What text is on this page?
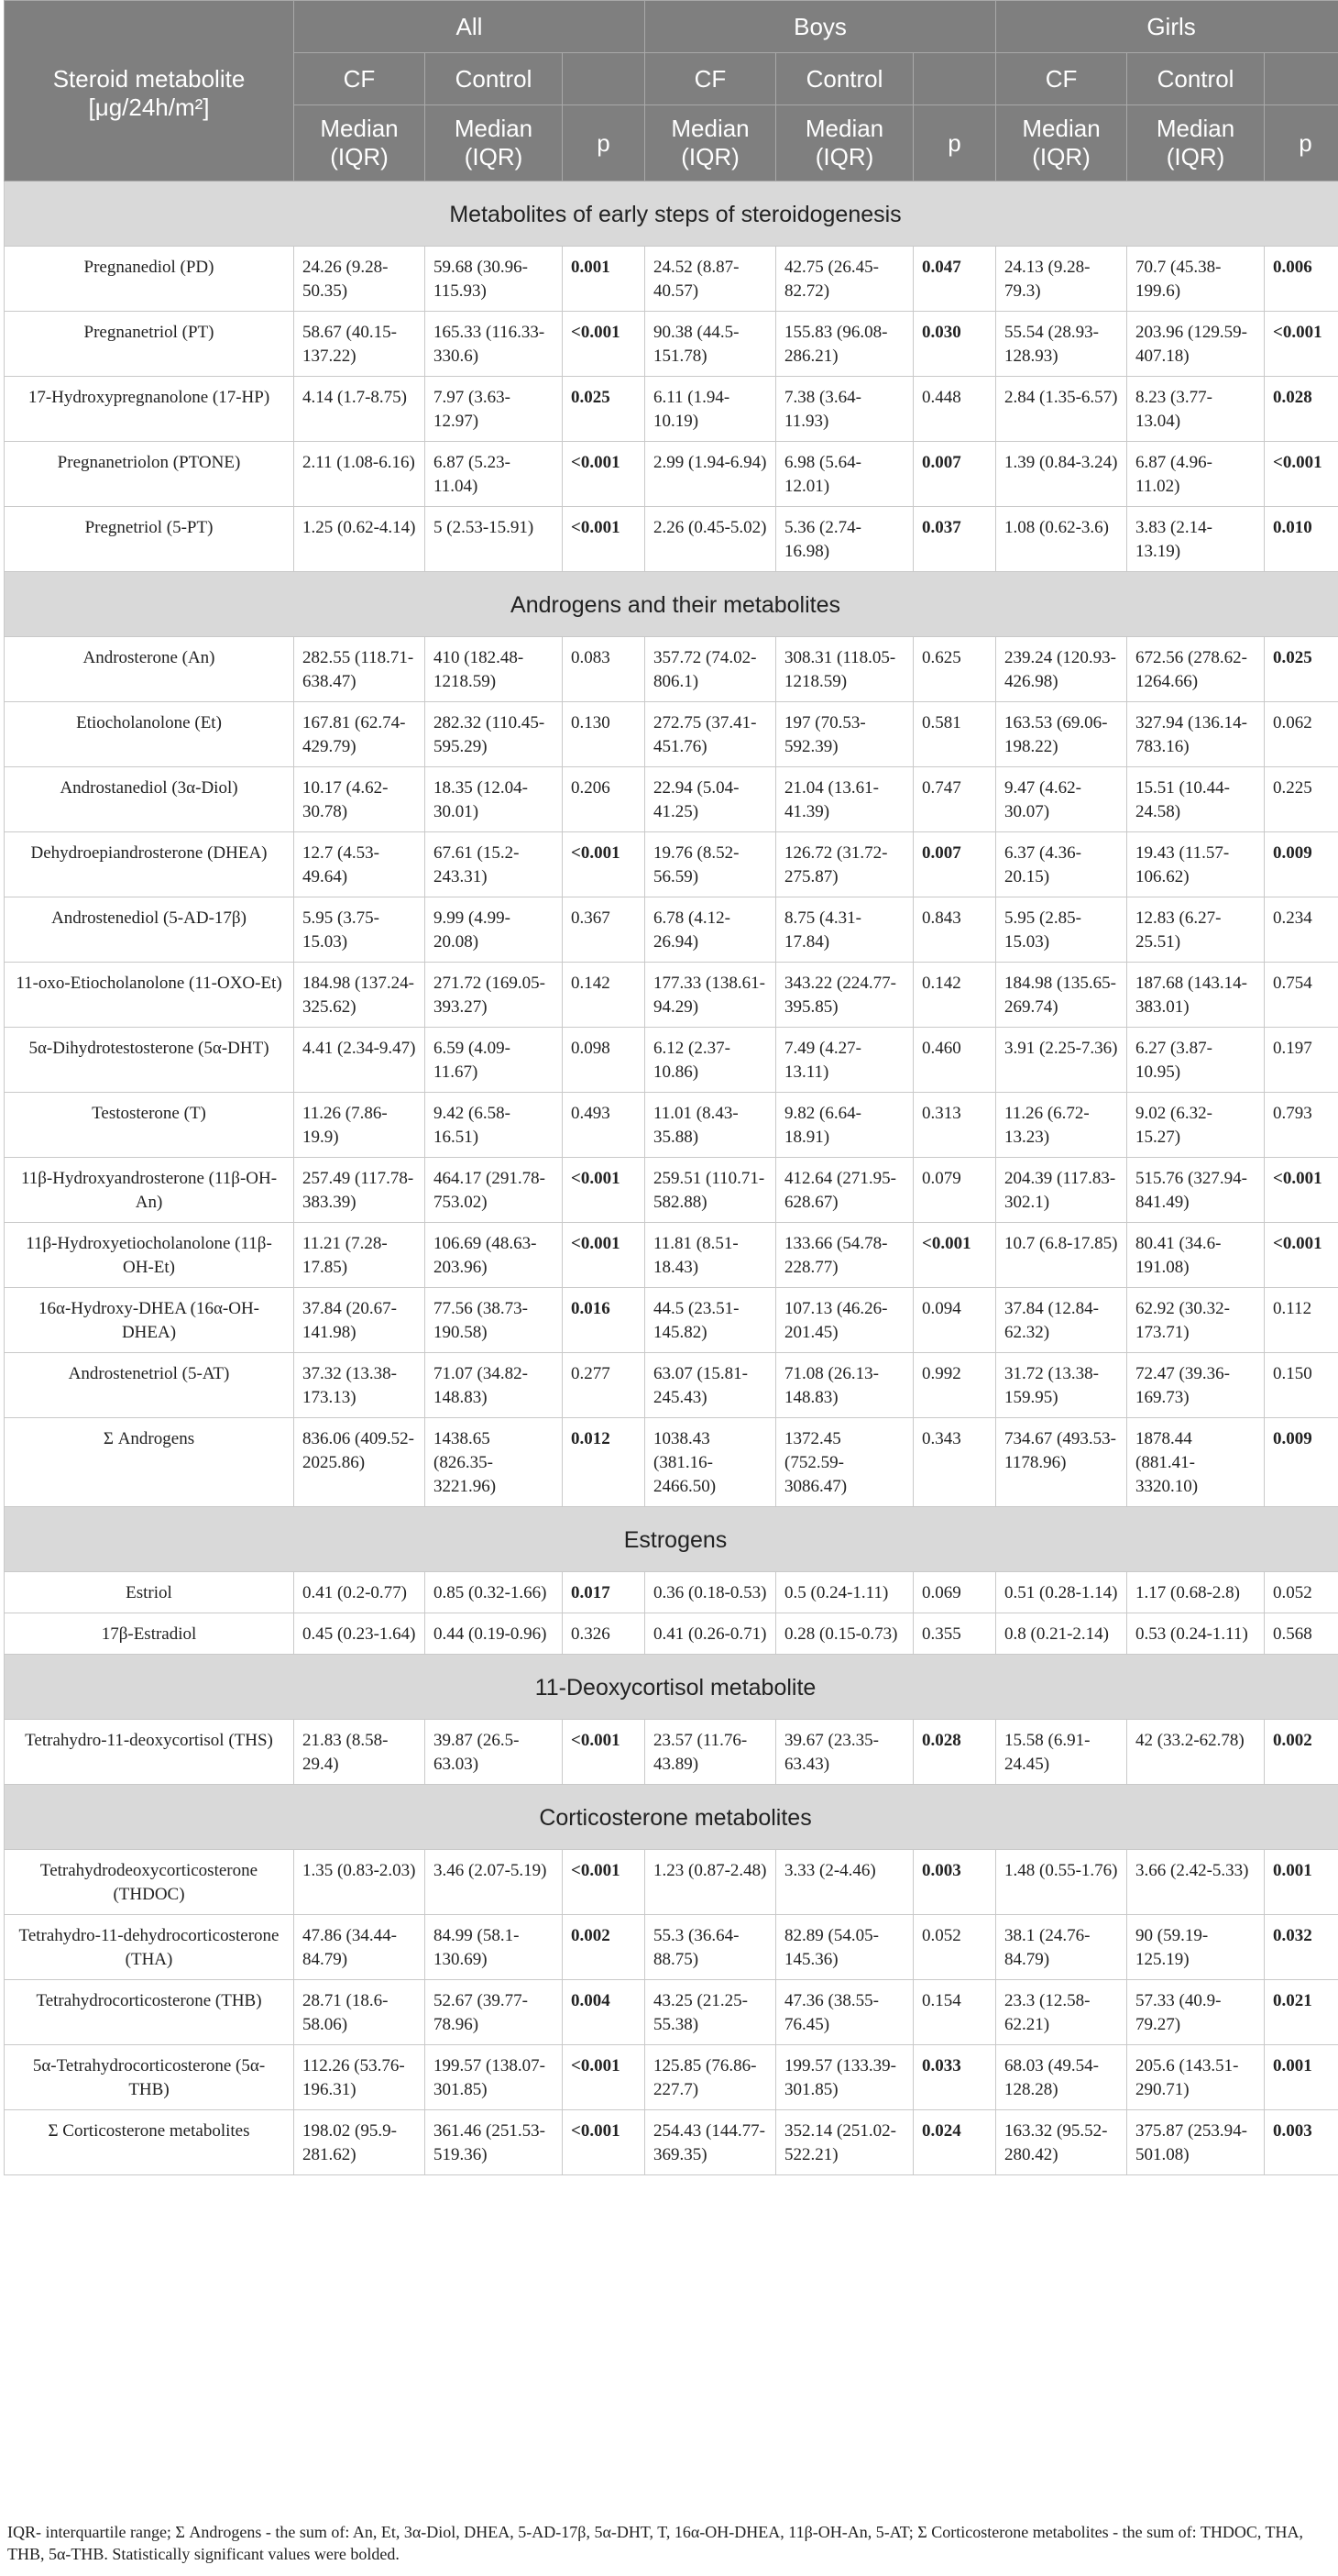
Steroid metabolite
[μg/24h/m²]	All			Boys			Girls		
	CF	Control		CF	Control		CF	Control	
	Median (IQR)	Median (IQR)	p	Median (IQR)	Median (IQR)	p	Median (IQR)	Median (IQR)	p
Metabolites of early steps of steroidogenesis									
Pregnanediol (PD)	24.26 (9.28-50.35)	59.68 (30.96-115.93)	0.001	24.52 (8.87-40.57)	42.75 (26.45-82.72)	0.047	24.13 (9.28-79.3)	70.7 (45.38-199.6)	0.006
Pregnanetriol (PT)	58.67 (40.15-137.22)	165.33 (116.33-330.6)	<0.001	90.38 (44.5-151.78)	155.83 (96.08-286.21)	0.030	55.54 (28.93-128.93)	203.96 (129.59-407.18)	<0.001
17-Hydroxypregnanolone (17-HP)	4.14 (1.7-8.75)	7.97 (3.63-12.97)	0.025	6.11 (1.94-10.19)	7.38 (3.64-11.93)	0.448	2.84 (1.35-6.57)	8.23 (3.77-13.04)	0.028
Pregnanetriolon (PTONE)	2.11 (1.08-6.16)	6.87 (5.23-11.04)	<0.001	2.99 (1.94-6.94)	6.98 (5.64-12.01)	0.007	1.39 (0.84-3.24)	6.87 (4.96-11.02)	<0.001
Pregnetriol (5-PT)	1.25 (0.62-4.14)	5 (2.53-15.91)	<0.001	2.26 (0.45-5.02)	5.36 (2.74-16.98)	0.037	1.08 (0.62-3.6)	3.83 (2.14-13.19)	0.010
Androgens and their metabolites									
Androsterone (An)	282.55 (118.71-638.47)	410 (182.48-1218.59)	0.083	357.72 (74.02-806.1)	308.31 (118.05-1218.59)	0.625	239.24 (120.93-426.98)	672.56 (278.62-1264.66)	0.025
Etiocholanolone (Et)	167.81 (62.74-429.79)	282.32 (110.45-595.29)	0.130	272.75 (37.41-451.76)	197 (70.53-592.39)	0.581	163.53 (69.06-198.22)	327.94 (136.14-783.16)	0.062
Androstanediol (3α-Diol)	10.17 (4.62-30.78)	18.35 (12.04-30.01)	0.206	22.94 (5.04-41.25)	21.04 (13.61-41.39)	0.747	9.47 (4.62-30.07)	15.51 (10.44-24.58)	0.225
Dehydroepiandrosterone (DHEA)	12.7 (4.53-49.64)	67.61 (15.2-243.31)	<0.001	19.76 (8.52-56.59)	126.72 (31.72-275.87)	0.007	6.37 (4.36-20.15)	19.43 (11.57-106.62)	0.009
Androstenediol (5-AD-17β)	5.95 (3.75-15.03)	9.99 (4.99-20.08)	0.367	6.78 (4.12-26.94)	8.75 (4.31-17.84)	0.843	5.95 (2.85-15.03)	12.83 (6.27-25.51)	0.234
11-oxo-Etiocholanolone (11-OXO-Et)	184.98 (137.24-325.62)	271.72 (169.05-393.27)	0.142	177.33 (138.61-94.29)	343.22 (224.77-395.85)	0.142	184.98 (135.65-269.74)	187.68 (143.14-383.01)	0.754
5α-Dihydrotestosterone (5α-DHT)	4.41 (2.34-9.47)	6.59 (4.09-11.67)	0.098	6.12 (2.37-10.86)	7.49 (4.27-13.11)	0.460	3.91 (2.25-7.36)	6.27 (3.87-10.95)	0.197
Testosterone (T)	11.26 (7.86-19.9)	9.42 (6.58-16.51)	0.493	11.01 (8.43-35.88)	9.82 (6.64-18.91)	0.313	11.26 (6.72-13.23)	9.02 (6.32-15.27)	0.793
11β-Hydroxyandrosterone (11β-OH-An)	257.49 (117.78-383.39)	464.17 (291.78-753.02)	<0.001	259.51 (110.71-582.88)	412.64 (271.95-628.67)	0.079	204.39 (117.83-302.1)	515.76 (327.94-841.49)	<0.001
11β-Hydroxyetiocholanolone (11β-OH-Et)	11.21 (7.28-17.85)	106.69 (48.63-203.96)	<0.001	11.81 (8.51-18.43)	133.66 (54.78-228.77)	<0.001	10.7 (6.8-17.85)	80.41 (34.6-191.08)	<0.001
16α-Hydroxy-DHEA (16α-OH-DHEA)	37.84 (20.67-141.98)	77.56 (38.73-190.58)	0.016	44.5 (23.51-145.82)	107.13 (46.26-201.45)	0.094	37.84 (12.84-62.32)	62.92 (30.32-173.71)	0.112
Androstenetriol (5-AT)	37.32 (13.38-173.13)	71.07 (34.82-148.83)	0.277	63.07 (15.81-245.43)	71.08 (26.13-148.83)	0.992	31.72 (13.38-159.95)	72.47 (39.36-169.73)	0.150
Σ Androgens	836.06 (409.52-2025.86)	1438.65 (826.35-3221.96)	0.012	1038.43 (381.16-2466.50)	1372.45 (752.59-3086.47)	0.343	734.67 (493.53-1178.96)	1878.44 (881.41-3320.10)	0.009
Estrogens									
Estriol	0.41 (0.2-0.77)	0.85 (0.32-1.66)	0.017	0.36 (0.18-0.53)	0.5 (0.24-1.11)	0.069	0.51 (0.28-1.14)	1.17 (0.68-2.8)	0.052
17β-Estradiol	0.45 (0.23-1.64)	0.44 (0.19-0.96)	0.326	0.41 (0.26-0.71)	0.28 (0.15-0.73)	0.355	0.8 (0.21-2.14)	0.53 (0.24-1.11)	0.568
11-Deoxycortisol metabolite									
Tetrahydro-11-deoxycortisol (THS)	21.83 (8.58-29.4)	39.87 (26.5-63.03)	<0.001	23.57 (11.76-43.89)	39.67 (23.35-63.43)	0.028	15.58 (6.91-24.45)	42 (33.2-62.78)	0.002
Corticosterone metabolites									
Tetrahydrodeoxycorticosterone (THDOC)	1.35 (0.83-2.03)	3.46 (2.07-5.19)	<0.001	1.23 (0.87-2.48)	3.33 (2-4.46)	0.003	1.48 (0.55-1.76)	3.66 (2.42-5.33)	0.001
Tetrahydro-11-dehydrocorticosterone (THA)	47.86 (34.44-84.79)	84.99 (58.1-130.69)	0.002	55.3 (36.64-88.75)	82.89 (54.05-145.36)	0.052	38.1 (24.76-84.79)	90 (59.19-125.19)	0.032
Tetrahydrocorticosterone (THB)	28.71 (18.6-58.06)	52.67 (39.77-78.96)	0.004	43.25 (21.25-55.38)	47.36 (38.55-76.45)	0.154	23.3 (12.58-62.21)	57.33 (40.9-79.27)	0.021
5α-Tetrahydrocorticosterone (5α-THB)	112.26 (53.76-196.31)	199.57 (138.07-301.85)	<0.001	125.85 (76.86-227.7)	199.57 (133.39-301.85)	0.033	68.03 (49.54-128.28)	205.6 (143.51-290.71)	0.001
Σ Corticosterone metabolites	198.02 (95.9-281.62)	361.46 (251.53-519.36)	<0.001	254.43 (144.77-369.35)	352.14 (251.02-522.21)	0.024	163.32 (95.52-280.42)	375.87 (253.94-501.08)	0.003
IQR- interquartile range; Σ Androgens - the sum of: An, Et, 3α-Diol, DHEA, 5-AD-17β, 5α-DHT, T, 16α-OH-DHEA, 11β-OH-An, 5-AT; Σ Corticosterone metabolites - the sum of: THDOC, THA, THB, 5α-THB. Statistically significant values were bolded.
